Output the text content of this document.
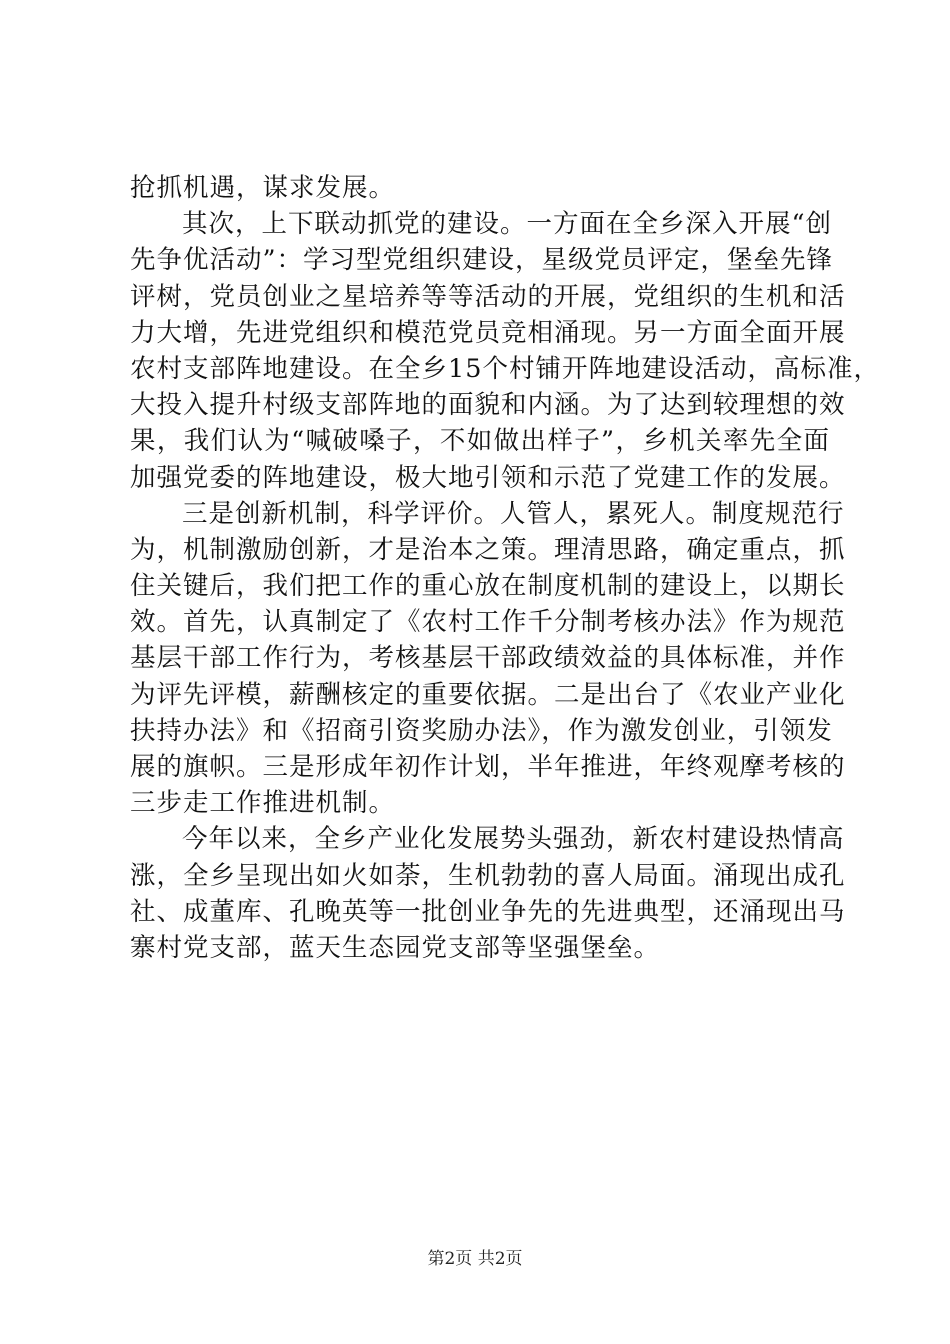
抢抓机遇，谋求发展。
其次，上下联动抓党的建设。一方面在全乡深入开展“创
先争优活动”：学习型党组织建设，星级党员评定，堡垒先锋
评树，党员创业之星培养等等活动的开展，党组织的生机和活
力大增，先进党组织和模范党员竞相涌现。另一方面全面开展
农村支部阵地建设。在全乡15个村铺开阵地建设活动，高标准，
大投入提升村级支部阵地的面貌和内涵。为了达到较理想的效
果，我们认为“喊破嗓子，不如做出样子”，乡机关率先全面
加强党委的阵地建设，极大地引领和示范了党建工作的发展。
三是创新机制，科学评价。人管人，累死人。制度规范行
为，机制激励创新，才是治本之策。理清思路，确定重点，抓
住关键后，我们把工作的重心放在制度机制的建设上，以期长
效。首先，认真制定了《农村工作千分制考核办法》作为规范
基层干部工作行为，考核基层干部政绩效益的具体标准，并作
为评先评模，薪酬核定的重要依据。二是出台了《农业产业化
扶持办法》和《招商引资奖励办法》，作为激发创业，引领发
展的旗帜。三是形成年初作计划，半年推进，年终观摩考核的
三步走工作推进机制。
今年以来，全乡产业化发展势头强劲，新农村建设热情高
涨，全乡呈现出如火如荼，生机勃勃的喜人局面。涌现出成孔
社、成董库、孔晚英等一批创业争先的先进典型，还涌现出马
寨村党支部，蓝天生态园党支部等坚强堡垒。
第2页 共2页
